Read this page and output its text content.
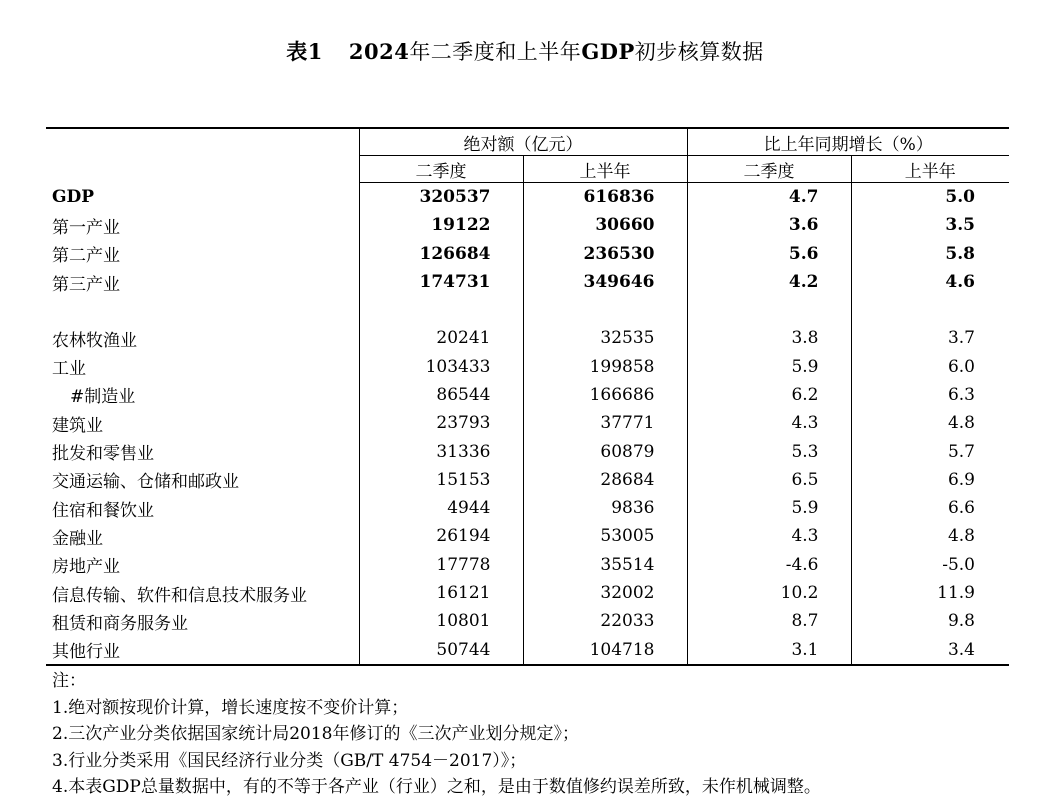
表1 2024年二季度和上半年GDP初步核算数据
	绝对额（亿元）		比上年同期增长（%）	
	二季度	上半年	二季度	上半年
GDP	320537	616836	4.7	5.0
第一产业	19122	30660	3.6	3.5
第二产业	126684	236530	5.6	5.8
第三产业	174731	349646	4.2	4.6

农林牧渔业	20241	32535	3.8	3.7
工业	103433	199858	5.9	6.0
#制造业	86544	166686	6.2	6.3
建筑业	23793	37771	4.3	4.8
批发和零售业	31336	60879	5.3	5.7
交通运输、仓储和邮政业	15153	28684	6.5	6.9
住宿和餐饮业	4944	9836	5.9	6.6
金融业	26194	53005	4.3	4.8
房地产业	17778	35514	-4.6	-5.0
信息传输、软件和信息技术服务业	16121	32002	10.2	11.9
租赁和商务服务业	10801	22033	8.7	9.8
其他行业	50744	104718	3.1	3.4
注：
1.绝对额按现价计算，增长速度按不变价计算；
2.三次产业分类依据国家统计局2018年修订的《三次产业划分规定》；
3.行业分类采用《国民经济行业分类（GB/T 4754－2017）》；
4.本表GDP总量数据中，有的不等于各产业（行业）之和，是由于数值修约误差所致，未作机械调整。
